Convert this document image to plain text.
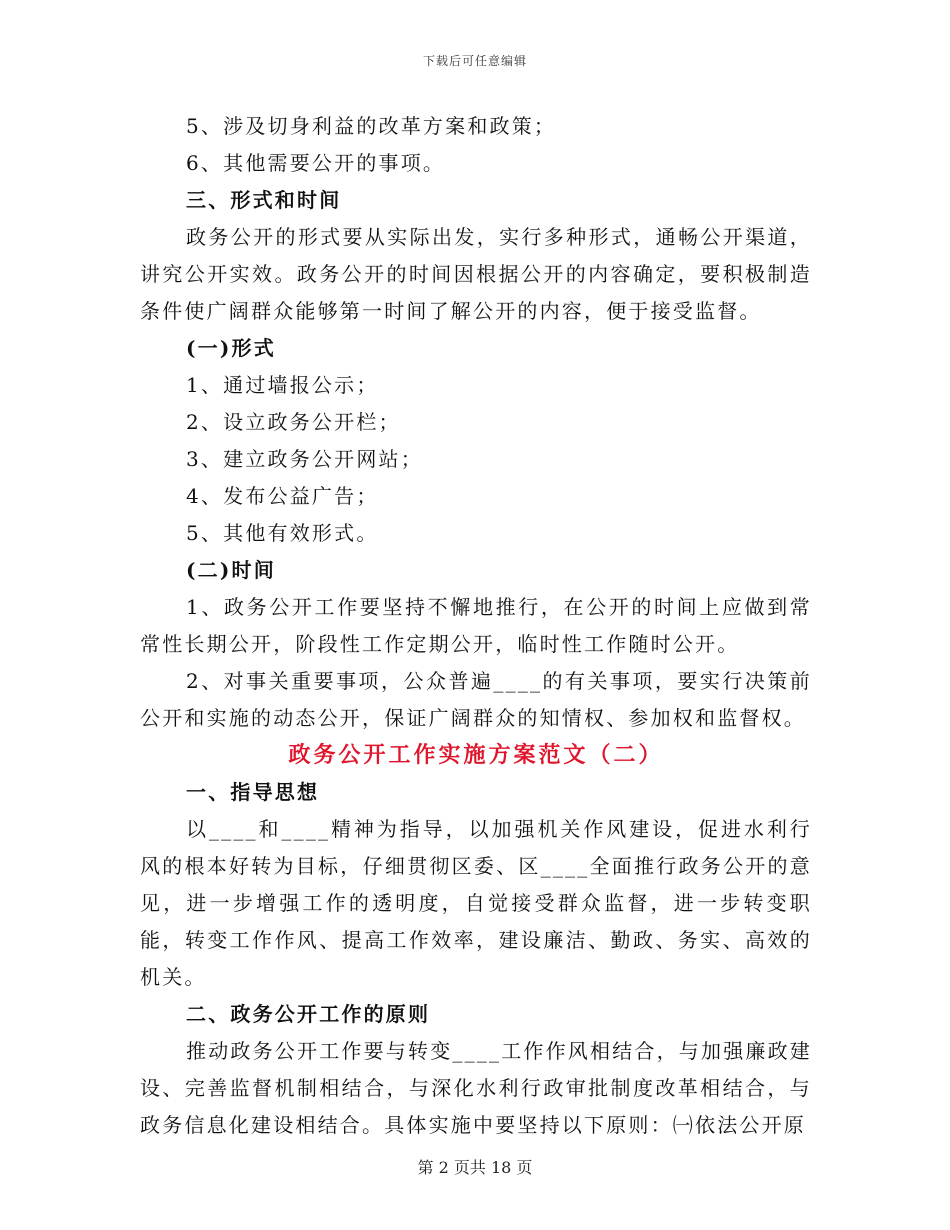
下载后可任意编辑

5、涉及切身利益的改革方案和政策；

6、其他需要公开的事项。

三、形式和时间

政务公开的形式要从实际出发，实行多种形式，通畅公开渠道，讲究公开实效。政务公开的时间因根据公开的内容确定，要积极制造条件使广阔群众能够第一时间了解公开的内容，便于接受监督。

(一)形式

1、通过墙报公示；

2、设立政务公开栏；

3、建立政务公开网站；

4、发布公益广告；

5、其他有效形式。

(二)时间

1、政务公开工作要坚持不懈地推行，在公开的时间上应做到常常性长期公开，阶段性工作定期公开，临时性工作随时公开。

2、对事关重要事项，公众普遍____的有关事项，要实行决策前公开和实施的动态公开，保证广阔群众的知情权、参加权和监督权。

政务公开工作实施方案范文（二）

一、指导思想

以____和____精神为指导，以加强机关作风建设，促进水利行风的根本好转为目标，仔细贯彻区委、区____全面推行政务公开的意见，进一步增强工作的透明度，自觉接受群众监督，进一步转变职能，转变工作作风、提高工作效率，建设廉洁、勤政、务实、高效的机关。

二、政务公开工作的原则

推动政务公开工作要与转变____工作作风相结合，与加强廉政建设、完善监督机制相结合，与深化水利行政审批制度改革相结合，与政务信息化建设相结合。具体实施中要坚持以下原则：㈠依法公开原

第 2 页共 18 页
